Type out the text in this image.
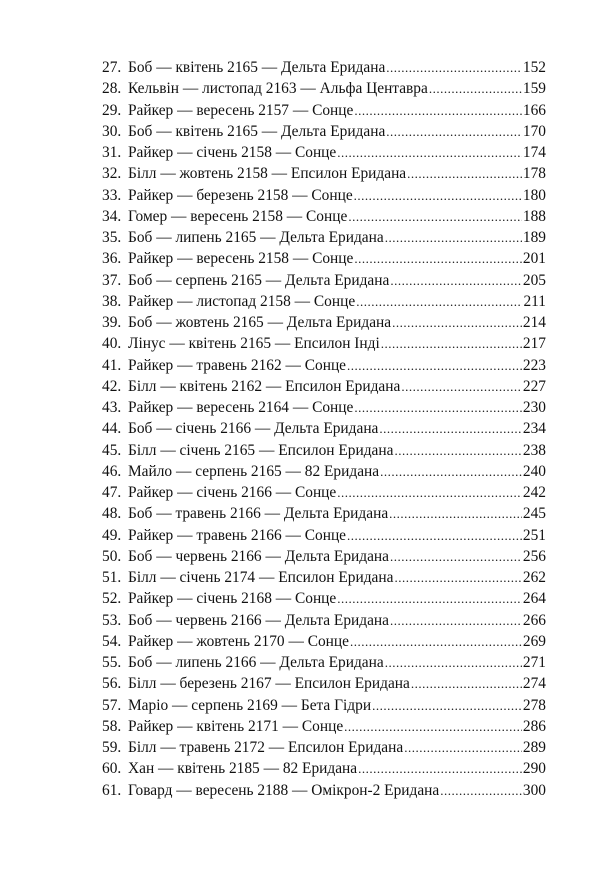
27. Боб — квітень 2165 — Дельта Еридана .....	152
28. Кельвін — листопад 2163 — Альфа Центавра .....	159
29. Райкер — вересень 2157 — Сонце .....	166
30. Боб — квітень 2165 — Дельта Еридана .....	170
31. Райкер — січень 2158 — Сонце .....	174
32. Білл — жовтень 2158 — Епсилон Еридана .....	178
33. Райкер — березень 2158 — Сонце .....	180
34. Гомер — вересень 2158 — Сонце .....	188
35. Боб — липень 2165 — Дельта Еридана .....	189
36. Райкер — вересень 2158 — Сонце .....	201
37. Боб — серпень 2165 — Дельта Еридана .....	205
38. Райкер — листопад 2158 — Сонце .....	211
39. Боб — жовтень 2165 — Дельта Еридана .....	214
40. Лінус — квітень 2165 — Епсилон Інді .....	217
41. Райкер — травень 2162 — Сонце .....	223
42. Білл — квітень 2162 — Епсилон Еридана .....	227
43. Райкер — вересень 2164 — Сонце .....	230
44. Боб — січень 2166 — Дельта Еридана .....	234
45. Білл — січень 2165 — Епсилон Еридана .....	238
46. Майло — серпень 2165 — 82 Еридана .....	240
47. Райкер — січень 2166 — Сонце .....	242
48. Боб — травень 2166 — Дельта Еридана .....	245
49. Райкер — травень 2166 — Сонце .....	251
50. Боб — червень 2166 — Дельта Еридана .....	256
51. Білл — січень 2174 — Епсилон Еридана .....	262
52. Райкер — січень 2168 — Сонце .....	264
53. Боб — червень 2166 — Дельта Еридана .....	266
54. Райкер — жовтень 2170 — Сонце .....	269
55. Боб — липень 2166 — Дельта Еридана .....	271
56. Білл — березень 2167 — Епсилон Еридана .....	274
57. Маріо — серпень 2169 — Бета Гідри .....	278
58. Райкер — квітень 2171 — Сонце .....	286
59. Білл — травень 2172 — Епсилон Еридана .....	289
60. Хан — квітень 2185 — 82 Еридана .....	290
61. Говард — вересень 2188 — Омікрон-2 Еридана .....	300
